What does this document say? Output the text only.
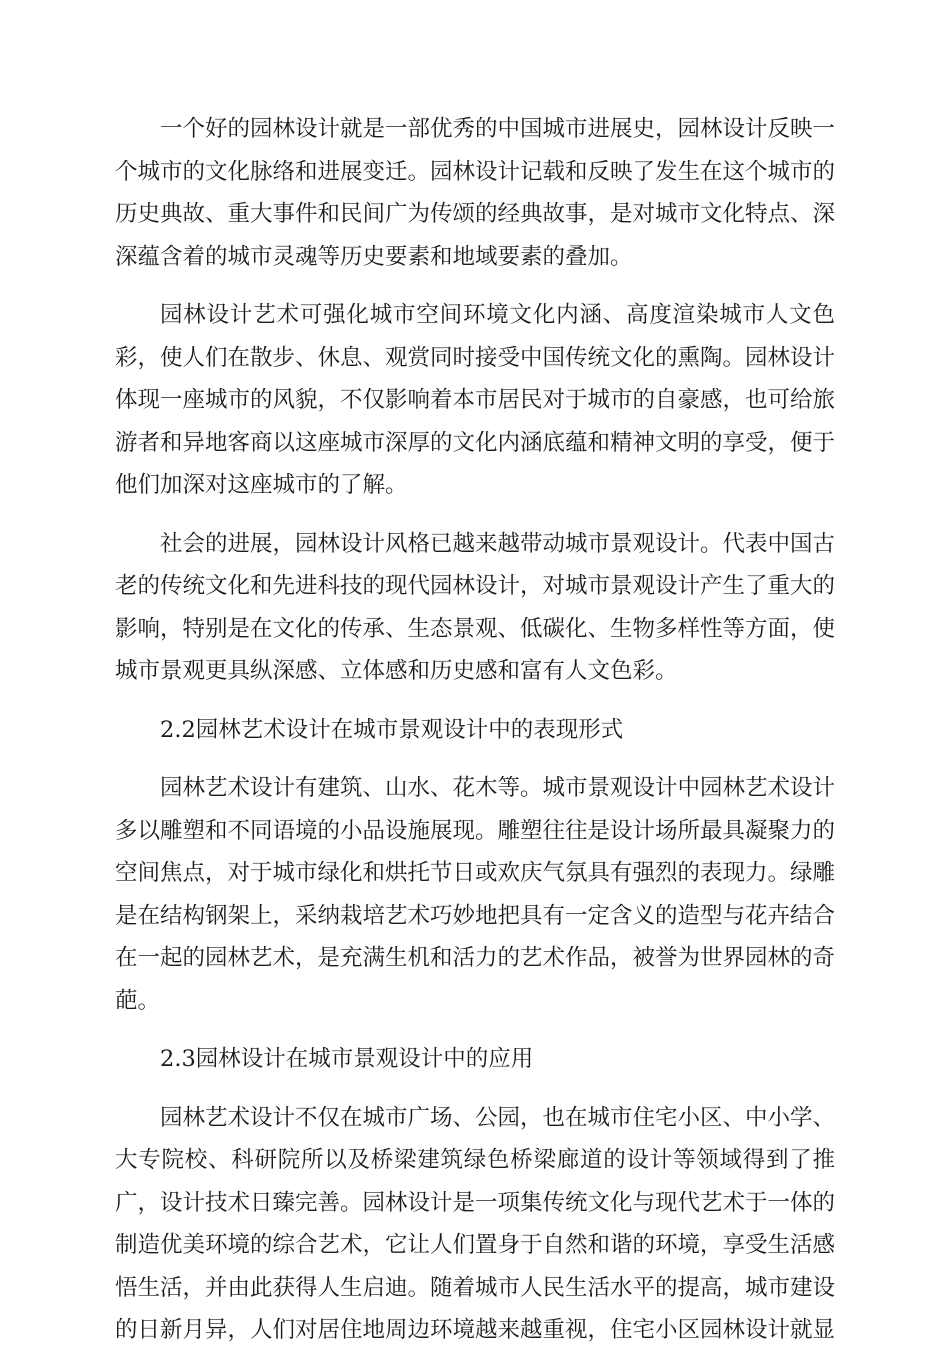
一个好的园林设计就是一部优秀的中国城市进展史，园林设计反映一个城市的文化脉络和进展变迁。园林设计记载和反映了发生在这个城市的历史典故、重大事件和民间广为传颂的经典故事，是对城市文化特点、深深蕴含着的城市灵魂等历史要素和地域要素的叠加。

园林设计艺术可强化城市空间环境文化内涵、高度渲染城市人文色彩，使人们在散步、休息、观赏同时接受中国传统文化的熏陶。园林设计体现一座城市的风貌，不仅影响着本市居民对于城市的自豪感，也可给旅游者和异地客商以这座城市深厚的文化内涵底蕴和精神文明的享受，便于他们加深对这座城市的了解。

社会的进展，园林设计风格已越来越带动城市景观设计。代表中国古老的传统文化和先进科技的现代园林设计，对城市景观设计产生了重大的影响，特别是在文化的传承、生态景观、低碳化、生物多样性等方面，使城市景观更具纵深感、立体感和历史感和富有人文色彩。

2.2园林艺术设计在城市景观设计中的表现形式

园林艺术设计有建筑、山水、花木等。城市景观设计中园林艺术设计多以雕塑和不同语境的小品设施展现。雕塑往往是设计场所最具凝聚力的空间焦点，对于城市绿化和烘托节日或欢庆气氛具有强烈的表现力。绿雕是在结构钢架上，采纳栽培艺术巧妙地把具有一定含义的造型与花卉结合在一起的园林艺术，是充满生机和活力的艺术作品，被誉为世界园林的奇葩。

2.3园林设计在城市景观设计中的应用

园林艺术设计不仅在城市广场、公园，也在城市住宅小区、中小学、大专院校、科研院所以及桥梁建筑绿色桥梁廊道的设计等领域得到了推广，设计技术日臻完善。园林设计是一项集传统文化与现代艺术于一体的制造优美环境的综合艺术，它让人们置身于自然和谐的环境，享受生活感悟生活，并由此获得人生启迪。随着城市人民生活水平的提高，城市建设的日新月异，人们对居住地周边环境越来越重视，住宅小区园林设计就显
